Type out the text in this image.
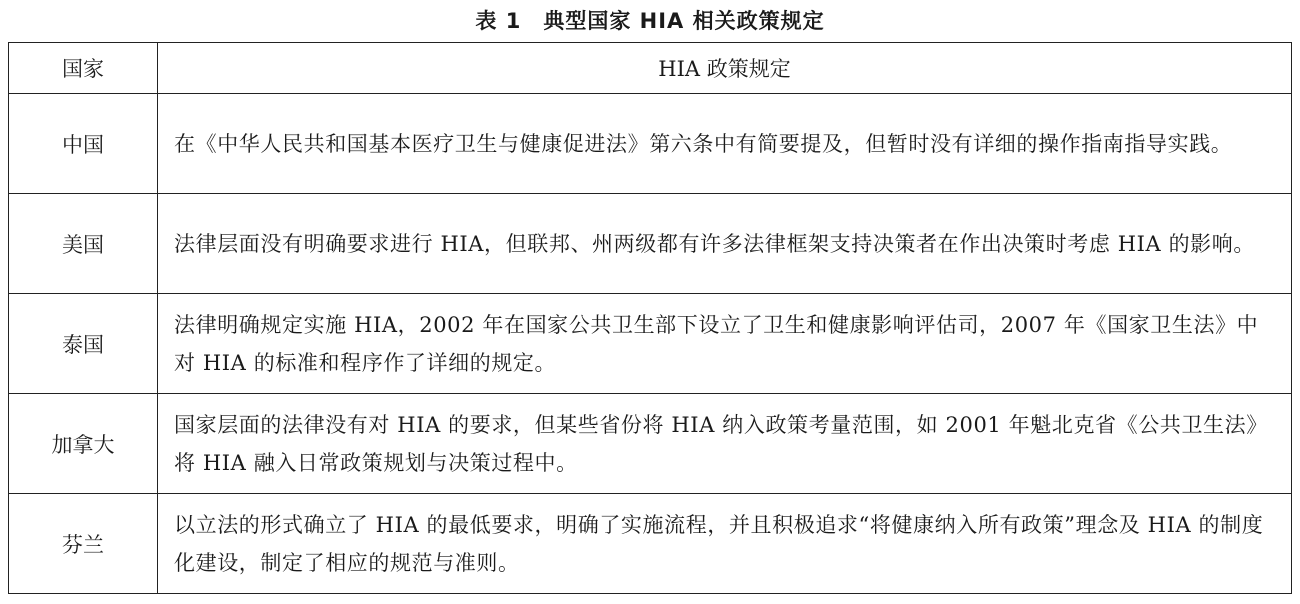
表 1 典型国家 HIA 相关政策规定
国家	HIA 政策规定
中国	在《中华人民共和国基本医疗卫生与健康促进法》第六条中有简要提及，但暂时没有详细的操作指南指导实践。
美国	法律层面没有明确要求进行 HIA，但联邦、州两级都有许多法律框架支持决策者在作出决策时考虑 HIA 的影响。
泰国	法律明确规定实施 HIA，2002 年在国家公共卫生部下设立了卫生和健康影响评估司，2007 年《国家卫生法》中对 HIA 的标准和程序作了详细的规定。
加拿大	国家层面的法律没有对 HIA 的要求，但某些省份将 HIA 纳入政策考量范围，如 2001 年魁北克省《公共卫生法》将 HIA 融入日常政策规划与决策过程中。
芬兰	以立法的形式确立了 HIA 的最低要求，明确了实施流程，并且积极追求“将健康纳入所有政策”理念及 HIA 的制度化建设，制定了相应的规范与准则。
